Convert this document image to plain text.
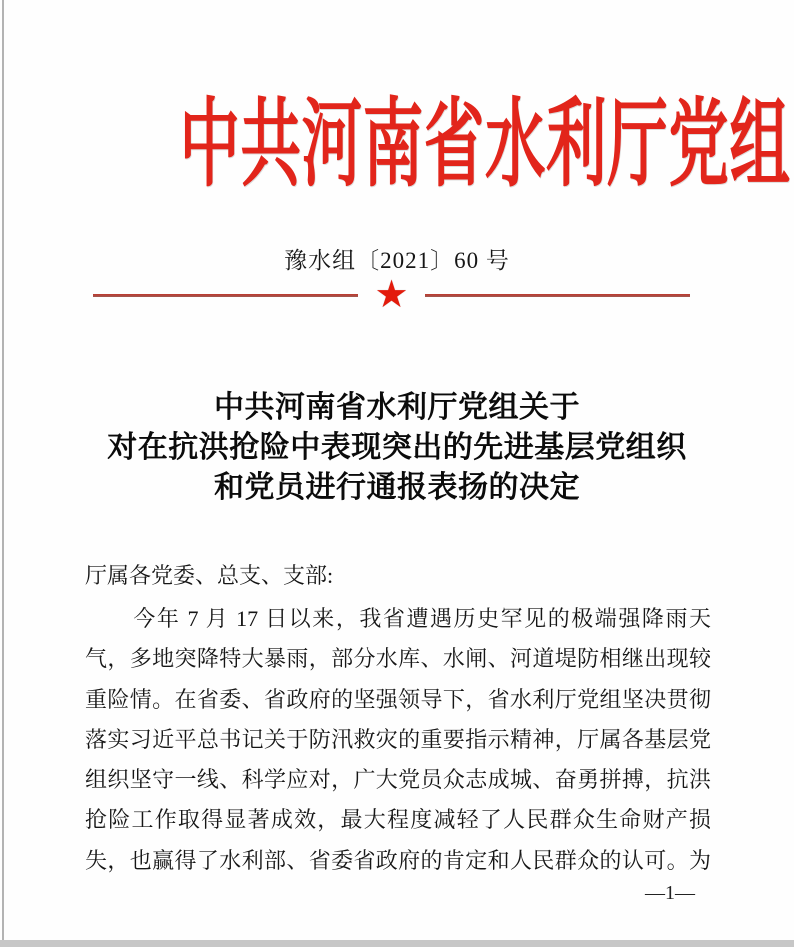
中共河南省水利厅党组
豫水组〔2021〕60 号
★
中共河南省水利厅党组关于
对在抗洪抢险中表现突出的先进基层党组织
和党员进行通报表扬的决定
厅属各党委、总支、支部:
今年 7 月 17 日以来，我省遭遇历史罕见的极端强降雨天
气，多地突降特大暴雨，部分水库、水闸、河道堤防相继出现较
重险情。在省委、省政府的坚强领导下，省水利厅党组坚决贯彻
落实习近平总书记关于防汛救灾的重要指示精神，厅属各基层党
组织坚守一线、科学应对，广大党员众志成城、奋勇拼搏，抗洪
抢险工作取得显著成效，最大程度减轻了人民群众生命财产损
失，也赢得了水利部、省委省政府的肯定和人民群众的认可。为
—1—
